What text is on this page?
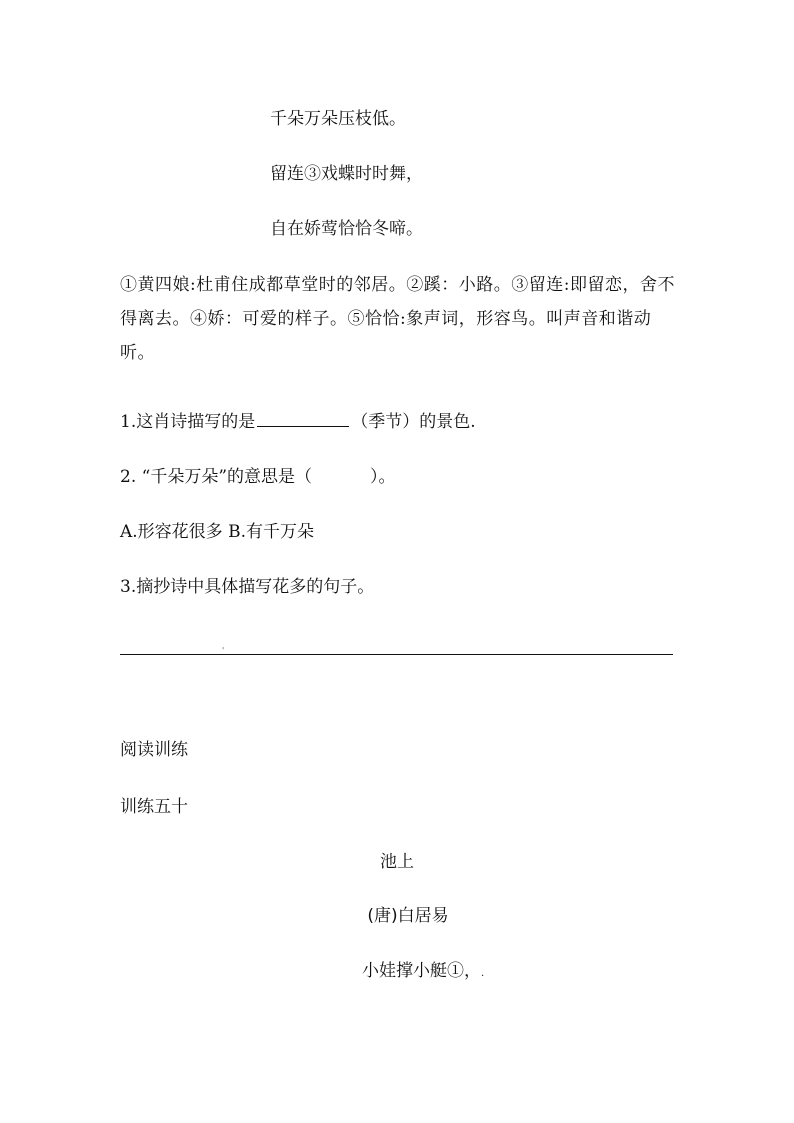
千朵万朵压枝低。
留连③戏蝶时时舞，
自在娇莺恰恰冬啼。
①黄四娘:杜甫住成都草堂时的邻居。②蹊：小路。③留连:即留恋，舍不得离去。④娇：可爱的样子。⑤恰恰:象声词，形容鸟。叫声音和谐动听。
1.这肖诗描写的是	（季节）的景色.
2. “千朵万朵”的意思是（	）。
A.形容花很多 B.有千万朵
3.摘抄诗中具体描写花多的句子。
'
阅读训练
训练五十
池上
(唐)白居易
小娃撑小艇①，.
